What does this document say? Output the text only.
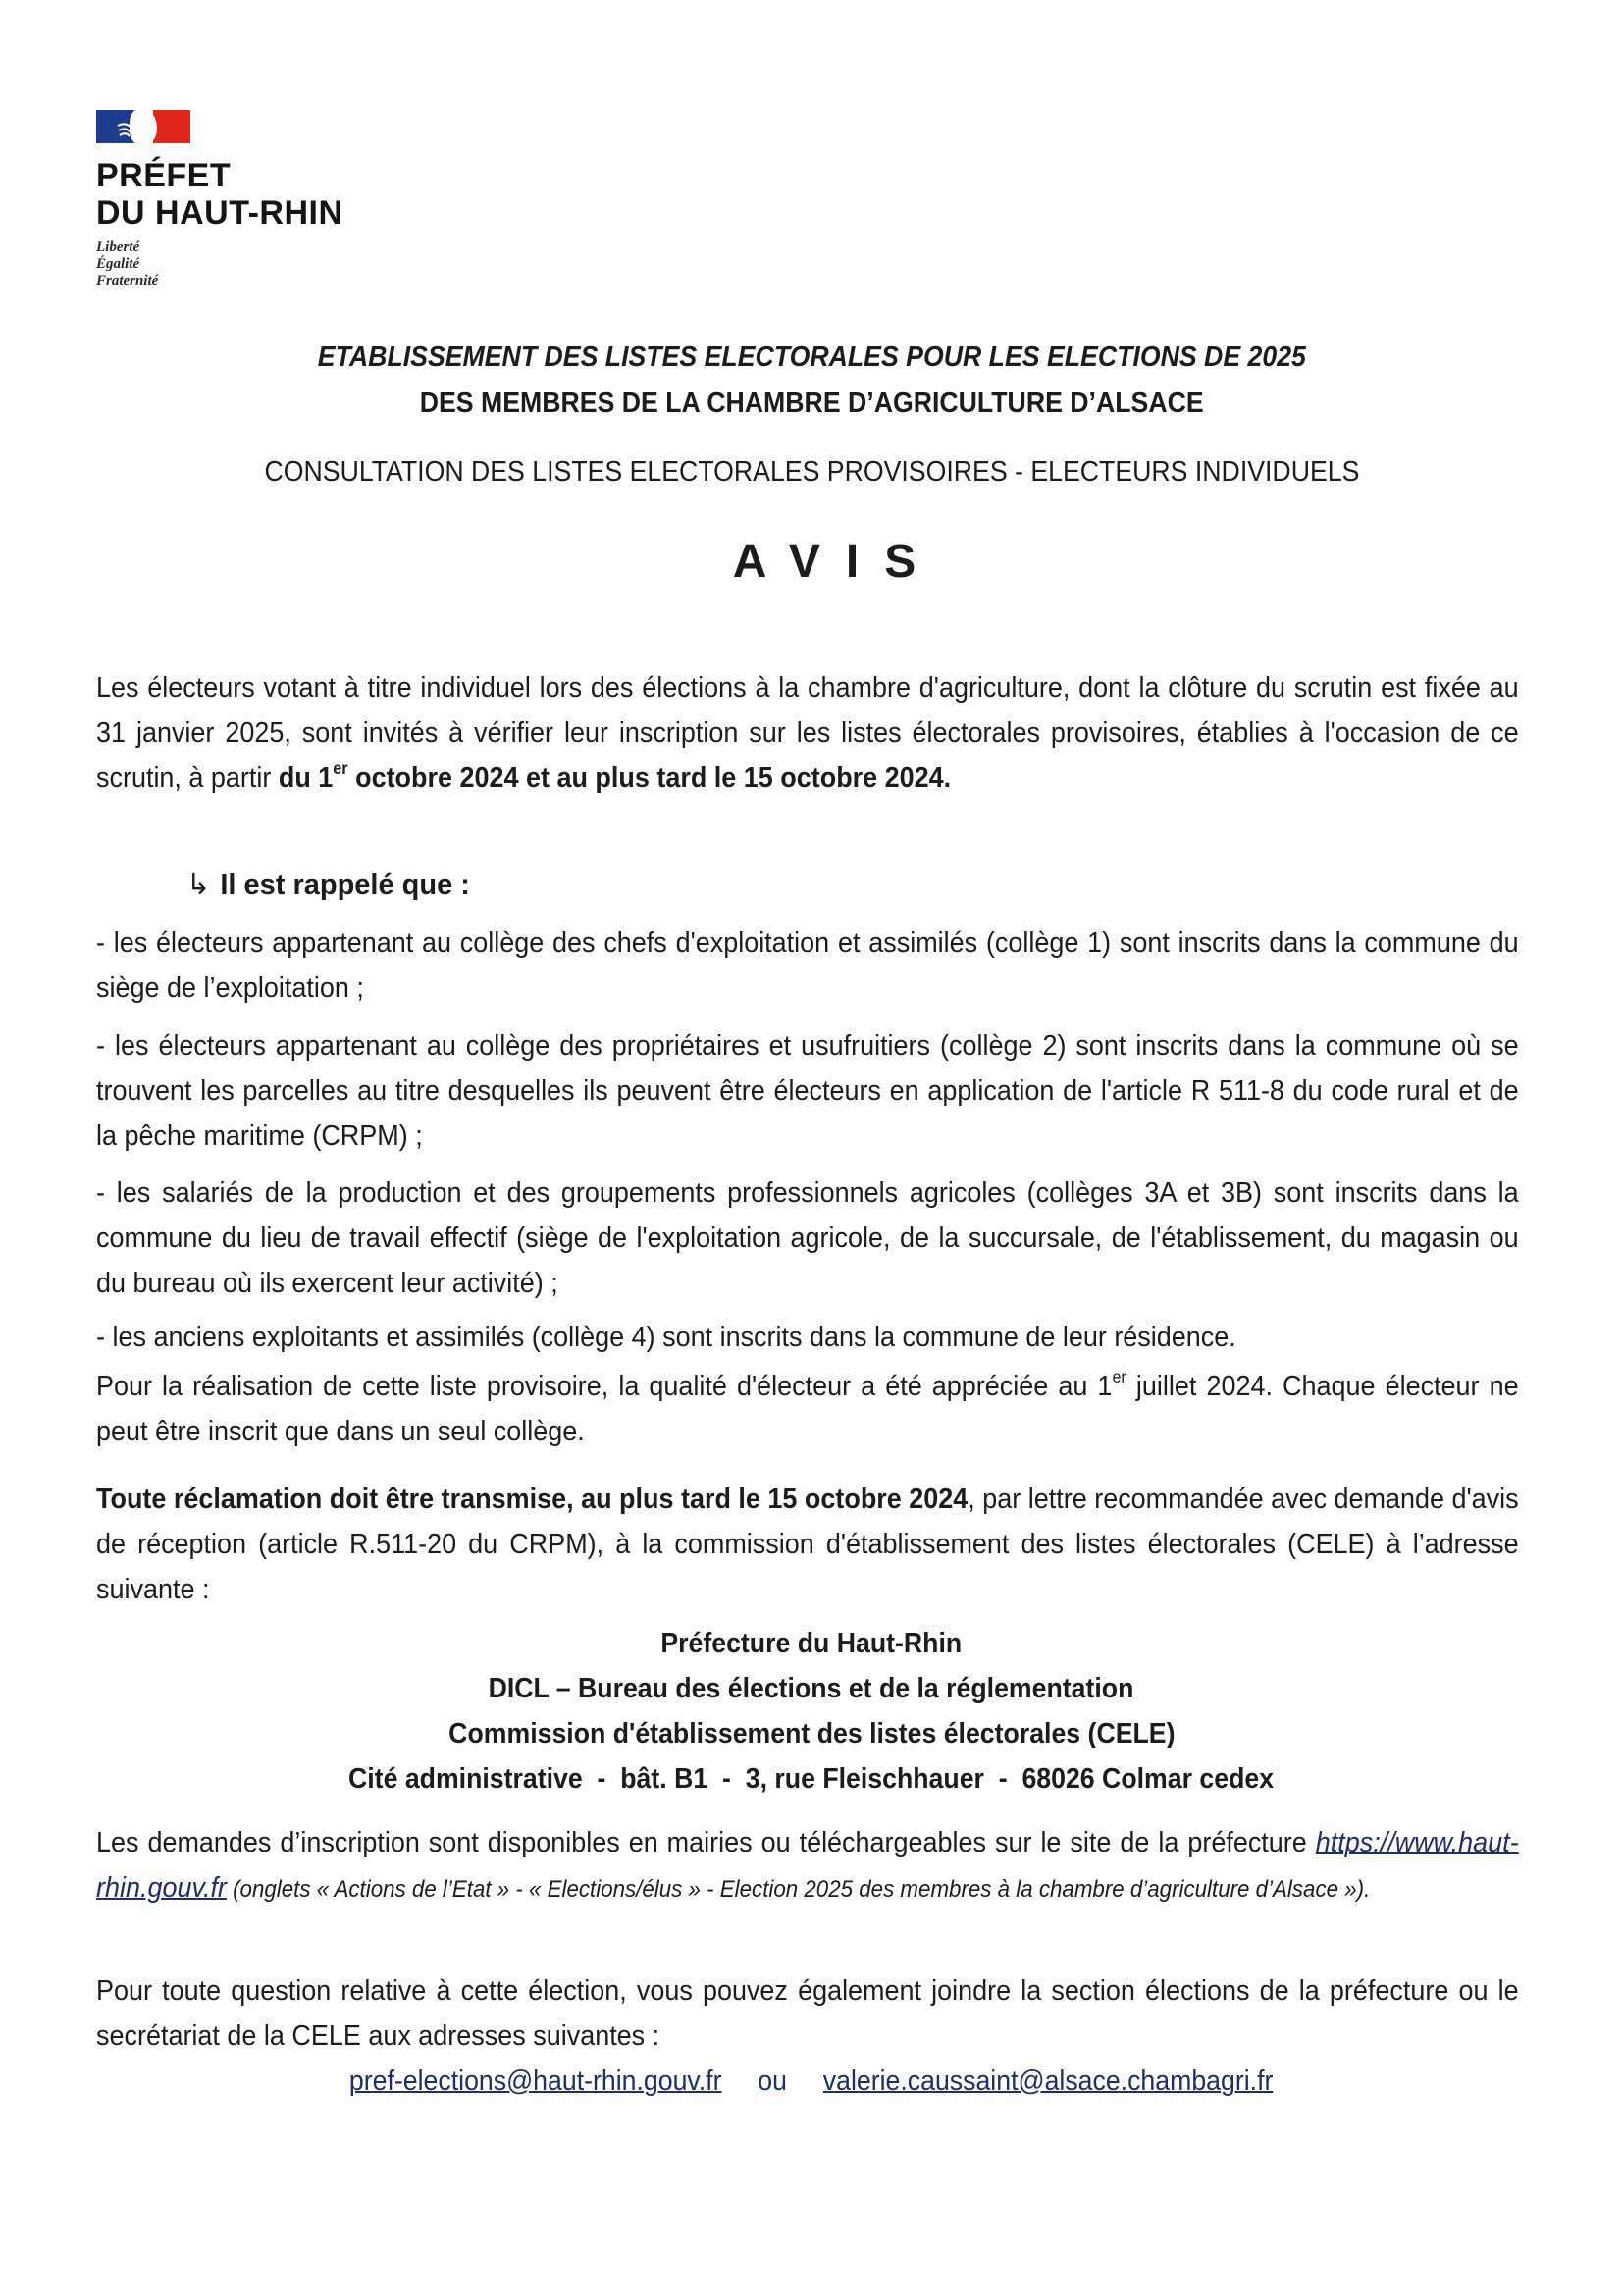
PRÉFET
DU HAUT-RHIN
Liberté
Égalité
Fraternité
ETABLISSEMENT DES LISTES ELECTORALES POUR LES ELECTIONS DE 2025
DES MEMBRES DE LA CHAMBRE D’AGRICULTURE D’ALSACE
CONSULTATION DES LISTES ELECTORALES PROVISOIRES - ELECTEURS INDIVIDUELS
AVIS
Les électeurs votant à titre individuel lors des élections à la chambre d'agriculture, dont la clôture du scrutin est fixée au 31 janvier 2025, sont invités à vérifier leur inscription sur les listes électorales provisoires, établies à l'occasion de ce scrutin, à partir du 1er octobre 2024 et au plus tard le 15 octobre 2024.
↳ Il est rappelé que :
- les électeurs appartenant au collège des chefs d'exploitation et assimilés (collège 1) sont inscrits dans la commune du siège de l’exploitation ;
- les électeurs appartenant au collège des propriétaires et usufruitiers (collège 2) sont inscrits dans la commune où se trouvent les parcelles au titre desquelles ils peuvent être électeurs en application de l'article R 511-8 du code rural et de la pêche maritime (CRPM) ;
- les salariés de la production et des groupements professionnels agricoles (collèges 3A et 3B) sont inscrits dans la commune du lieu de travail effectif (siège de l'exploitation agricole, de la succursale, de l'établissement, du magasin ou du bureau où ils exercent leur activité) ;
- les anciens exploitants et assimilés (collège 4) sont inscrits dans la commune de leur résidence.
Pour la réalisation de cette liste provisoire, la qualité d'électeur a été appréciée au 1er juillet 2024. Chaque électeur ne peut être inscrit que dans un seul collège.
Toute réclamation doit être transmise, au plus tard le 15 octobre 2024, par lettre recommandée avec demande d'avis de réception (article R.511-20 du CRPM), à la commission d'établissement des listes électorales (CELE) à l’adresse suivante :
Préfecture du Haut-Rhin
DICL – Bureau des élections et de la réglementation
Commission d'établissement des listes électorales (CELE)
Cité administrative  -  bât. B1  -  3, rue Fleischhauer  -  68026 Colmar cedex
Les demandes d’inscription sont disponibles en mairies ou téléchargeables sur le site de la préfecture https://www.haut-rhin.gouv.fr (onglets « Actions de l’Etat » - « Elections/élus » - Election 2025 des membres à la chambre d’agriculture d’Alsace »).
Pour toute question relative à cette élection, vous pouvez également joindre la section élections de la préfecture ou le secrétariat de la CELE aux adresses suivantes :
pref-elections@haut-rhin.gouv.fr ou valerie.caussaint@alsace.chambagri.fr
